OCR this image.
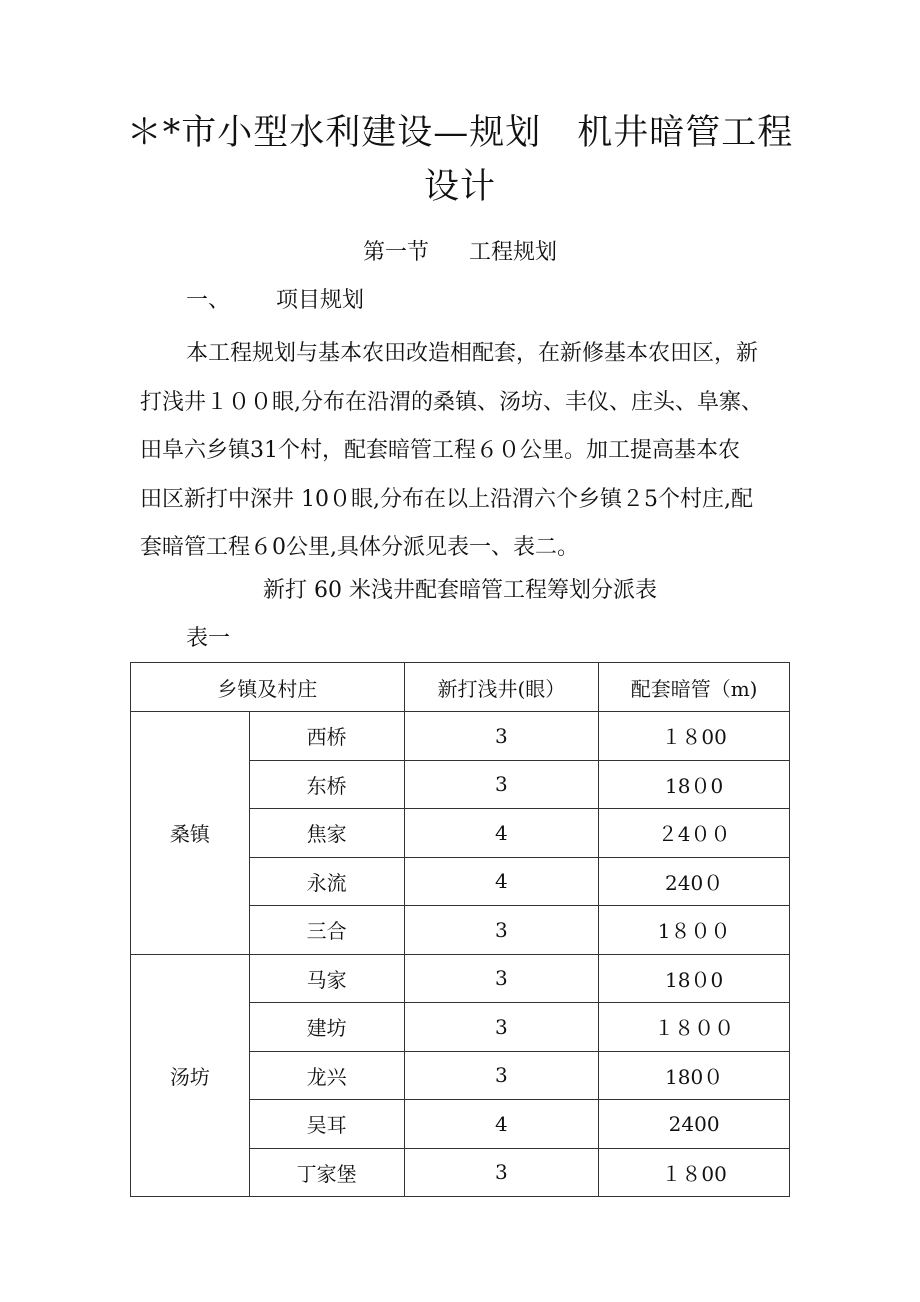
＊*市小型水利建设—规划　机井暗管工程
设计
第一节 工程规划
一、 项目规划
本工程规划与基本农田改造相配套，在新修基本农田区，新
打浅井１００眼,分布在沿渭的桑镇、汤坊、丰仪、庄头、阜寨、
田阜六乡镇31个村，配套暗管工程６０公里。加工提高基本农
田区新打中深井 10０眼,分布在以上沿渭六个乡镇２5个村庄,配
套暗管工程６0公里,具体分派见表一、表二。
新打 60 米浅井配套暗管工程筹划分派表
表一
乡镇及村庄		新打浅井(眼）	配套暗管（m)
桑镇	西桥	3	１８00
	东桥	3	18０0
	焦家	4	２4００
	永流	4	240０
	三合	3	1８００
汤坊	马家	3	18０0
	建坊	3	１８００
	龙兴	3	180０
	吴耳	4	2400
	丁家堡	3	１８00
